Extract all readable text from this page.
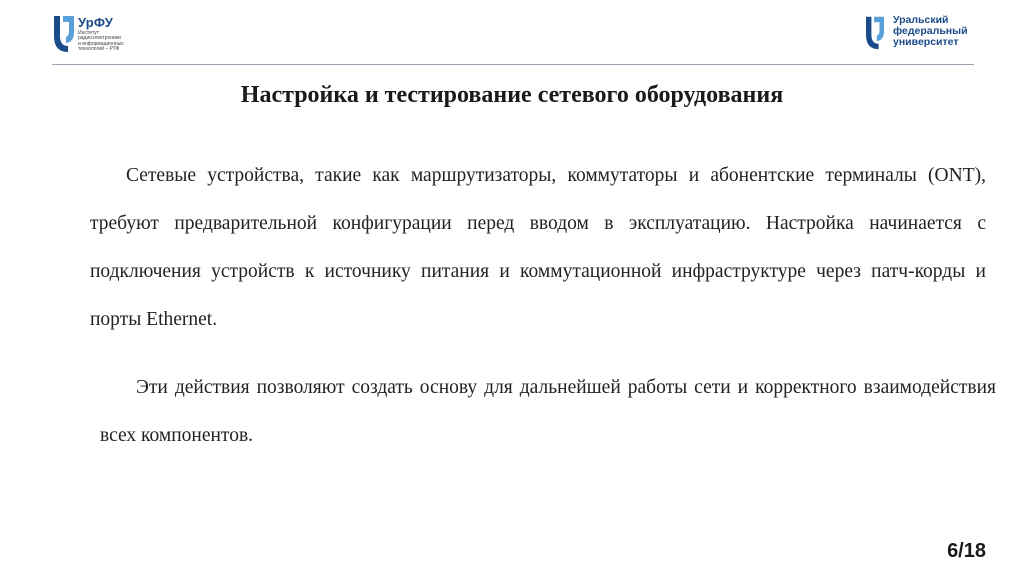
УрФУ
Институт
радиоэлектроники
и информационных
технологий – РТФ
Уральский
федеральный
университет
Настройка и тестирование сетевого оборудования

Сетевые устройства, такие как маршрутизаторы, коммутаторы и абонентские терминалы (ONT), требуют предварительной конфигурации перед вводом в эксплуатацию. Настройка начинается с подключения устройств к источнику питания и коммутационной инфраструктуре через патч-корды и порты Ethernet.

Эти действия позволяют создать основу для дальнейшей работы сети и корректного взаимодействия всех компонентов.

6/18
